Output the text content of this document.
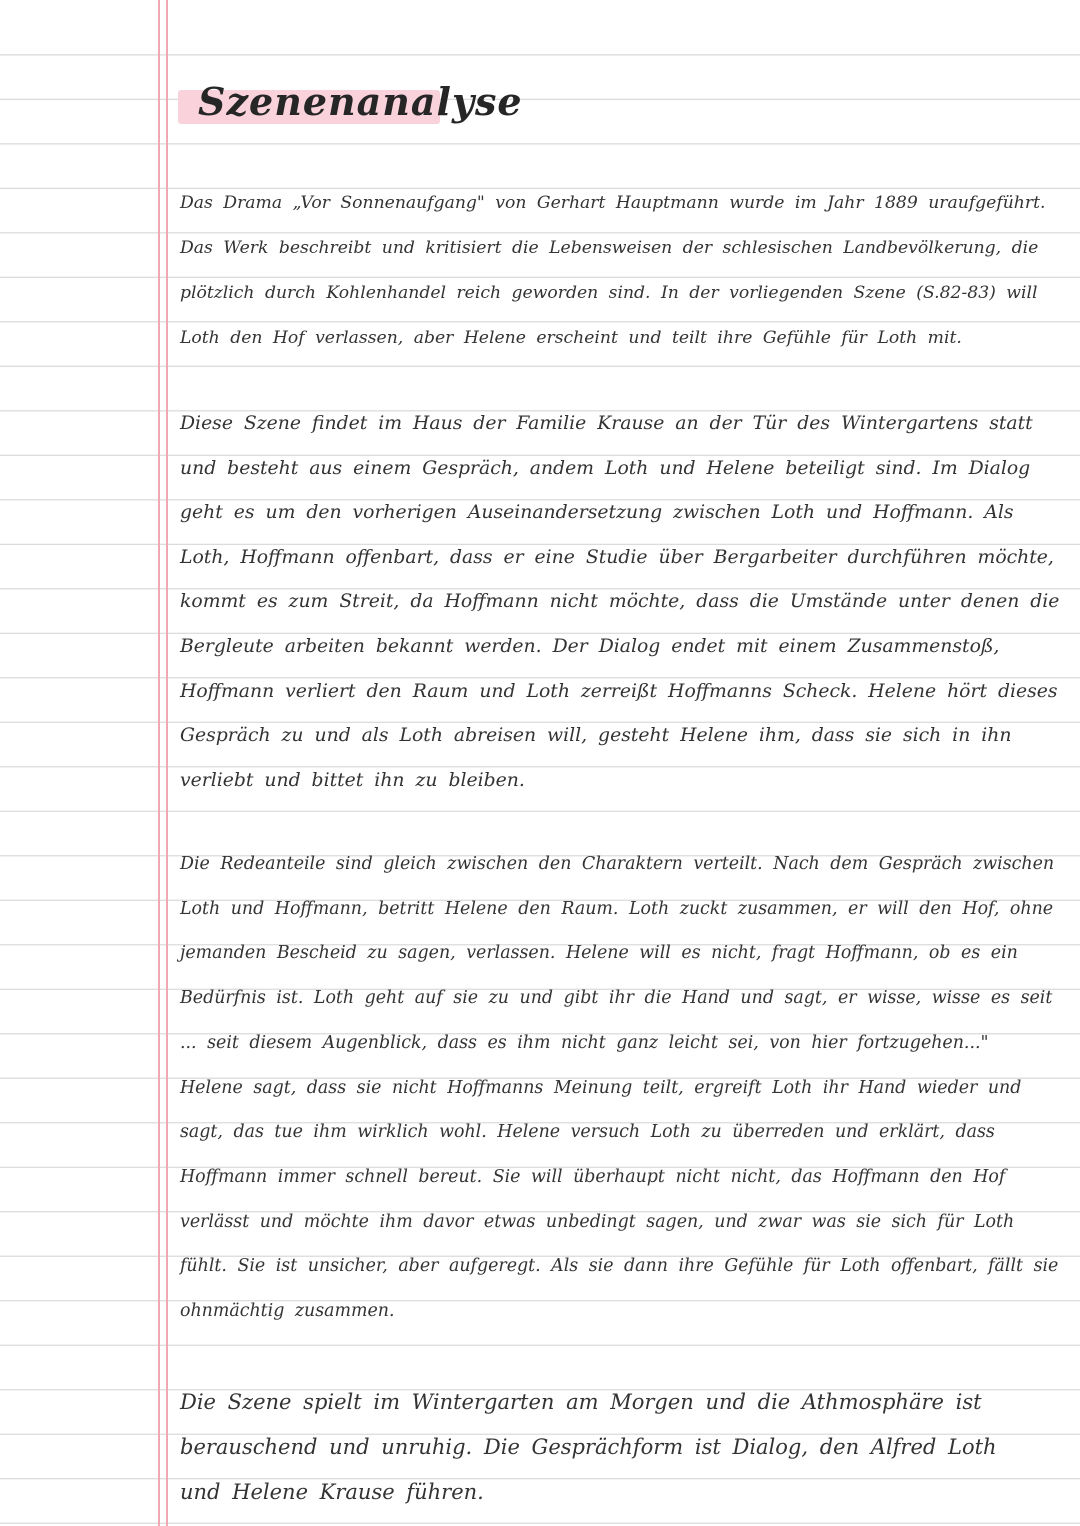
Szenenanalyse

Das Drama „Vor Sonnenaufgang" von Gerhart Hauptmann wurde im Jahr 1889 uraufgeführt. Das Werk beschreibt und kritisiert die Lebensweisen der schlesischen Landbevölkerung, die plötzlich durch Kohlenhandel reich geworden sind. In der vorliegenden Szene (S.82-83) will Loth den Hof verlassen, aber Helene erscheint und teilt ihre Gefühle für Loth mit.

Diese Szene findet im Haus der Familie Krause an der Tür des Wintergartens statt und besteht aus einem Gespräch, andem Loth und Helene beteiligt sind. Im Dialog geht es um den vorherigen Auseinandersetzung zwischen Loth und Hoffmann. Als Loth, Hoffmann offenbart, dass er eine Studie über Bergarbeiter durchführen möchte, kommt es zum Streit, da Hoffmann nicht möchte, dass die Umstände unter denen die Bergleute arbeiten bekannt werden. Der Dialog endet mit einem Zusammenstoß, Hoffmann verliert den Raum und Loth zerreißt Hoffmanns Scheck. Helene hört dieses Gespräch zu und als Loth abreisen will, gesteht Helene ihm, dass sie sich in ihn verliebt und bittet ihn zu bleiben.

Die Redeanteile sind gleich zwischen den Charaktern verteilt. Nach dem Gespräch zwischen Loth und Hoffmann, betritt Helene den Raum. Loth zuckt zusammen, er will den Hof, ohne jemanden Bescheid zu sagen, verlassen. Helene will es nicht, fragt Hoffmann, ob es ein Bedürfnis ist. Loth geht auf sie zu und gibt ihr die Hand und sagt, er wisse, wisse es seit ... seit diesem Augenblick, dass es ihm nicht ganz leicht sei, von hier fortzugehen..." Helene sagt, dass sie nicht Hoffmanns Meinung teilt, ergreift Loth ihr Hand wieder und sagt, das tue ihm wirklich wohl. Helene versuch Loth zu überreden und erklärt, dass Hoffmann immer schnell bereut. Sie will überhaupt nicht nicht, das Hoffmann den Hof verlässt und möchte ihm davor etwas unbedingt sagen, und zwar was sie sich für Loth fühlt. Sie ist unsicher, aber aufgeregt. Als sie dann ihre Gefühle für Loth offenbart, fällt sie ohnmächtig zusammen.

Die Szene spielt im Wintergarten am Morgen und die Athmosphäre ist berauschend und unruhig. Die Gesprächform ist Dialog, den Alfred Loth und Helene Krause führen.
